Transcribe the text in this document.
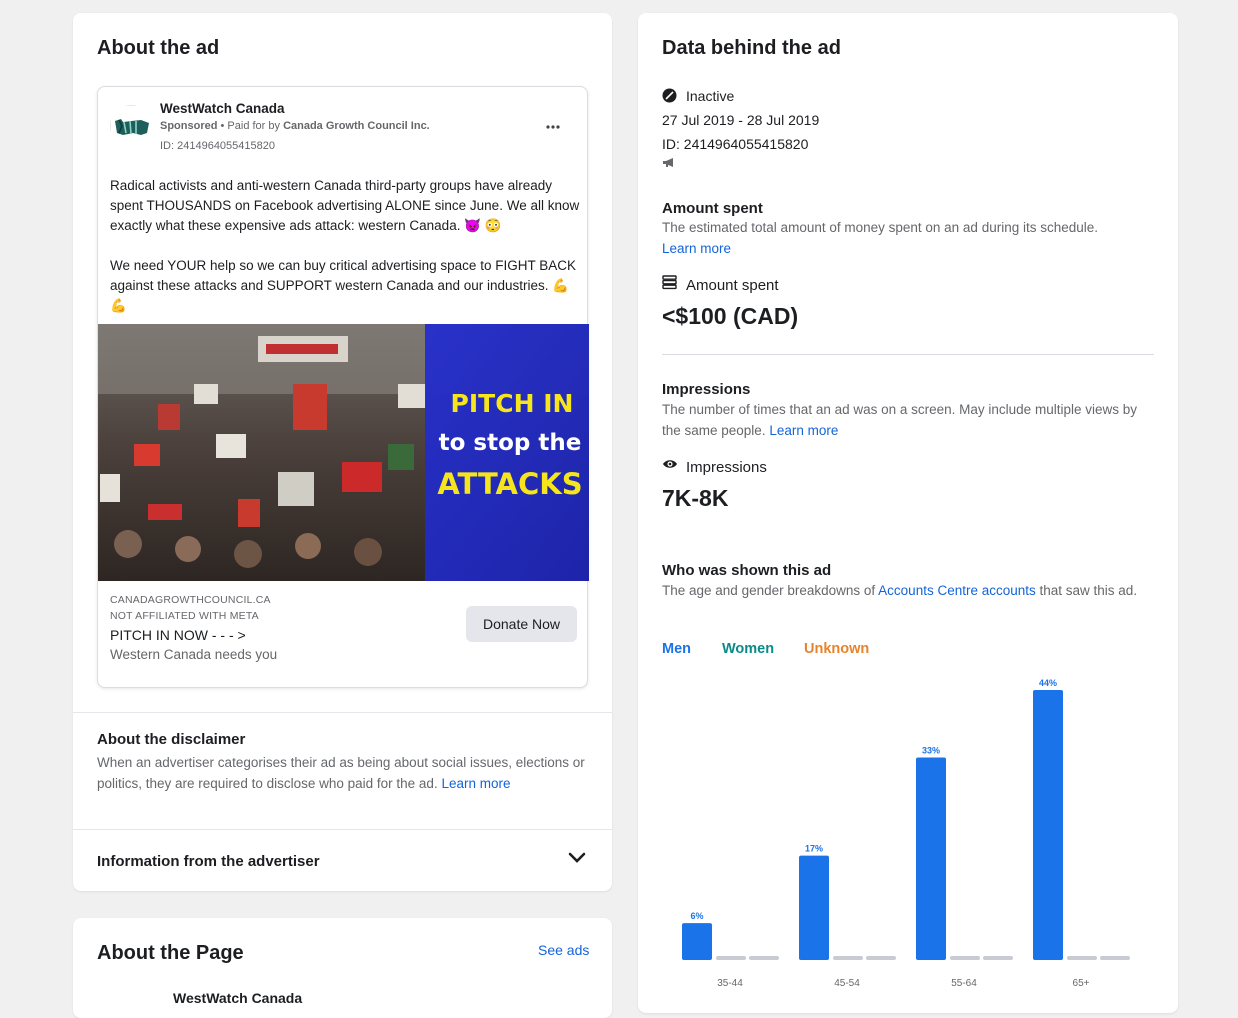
About the ad
WestWatch Canada
Sponsored • Paid for by Canada Growth Council Inc.
ID: 2414964055415820
Radical activists and anti-western Canada third-party groups have already spent THOUSANDS on Facebook advertising ALONE since June. We all know exactly what these expensive ads attack: western Canada. 👿 😳

We need YOUR help so we can buy critical advertising space to FIGHT BACK against these attacks and SUPPORT western Canada and our industries. 💪 💪
PITCH IN
to stop the
ATTACKS
CANADAGROWTHCOUNCIL.CA
NOT AFFILIATED WITH META
PITCH IN NOW - - - >
Western Canada needs you
Donate Now
About the disclaimer
When an advertiser categorises their ad as being about social issues, elections or politics, they are required to disclose who paid for the ad. Learn more
Information from the advertiser
About the Page	See ads
WestWatch Canada
Data behind the ad
Inactive
27 Jul 2019 - 28 Jul 2019
ID: 2414964055415820
Amount spent
The estimated total amount of money spent on an ad during its schedule.
Learn more
Amount spent
<$100 (CAD)
Impressions
The number of times that an ad was on a screen. May include multiple views by the same people. Learn more
Impressions
7K-8K
Who was shown this ad
The age and gender breakdowns of Accounts Centre accounts that saw this ad.
Men Women Unknown
6%
35-44
17%
45-54
33%
55-64
44%
65+
